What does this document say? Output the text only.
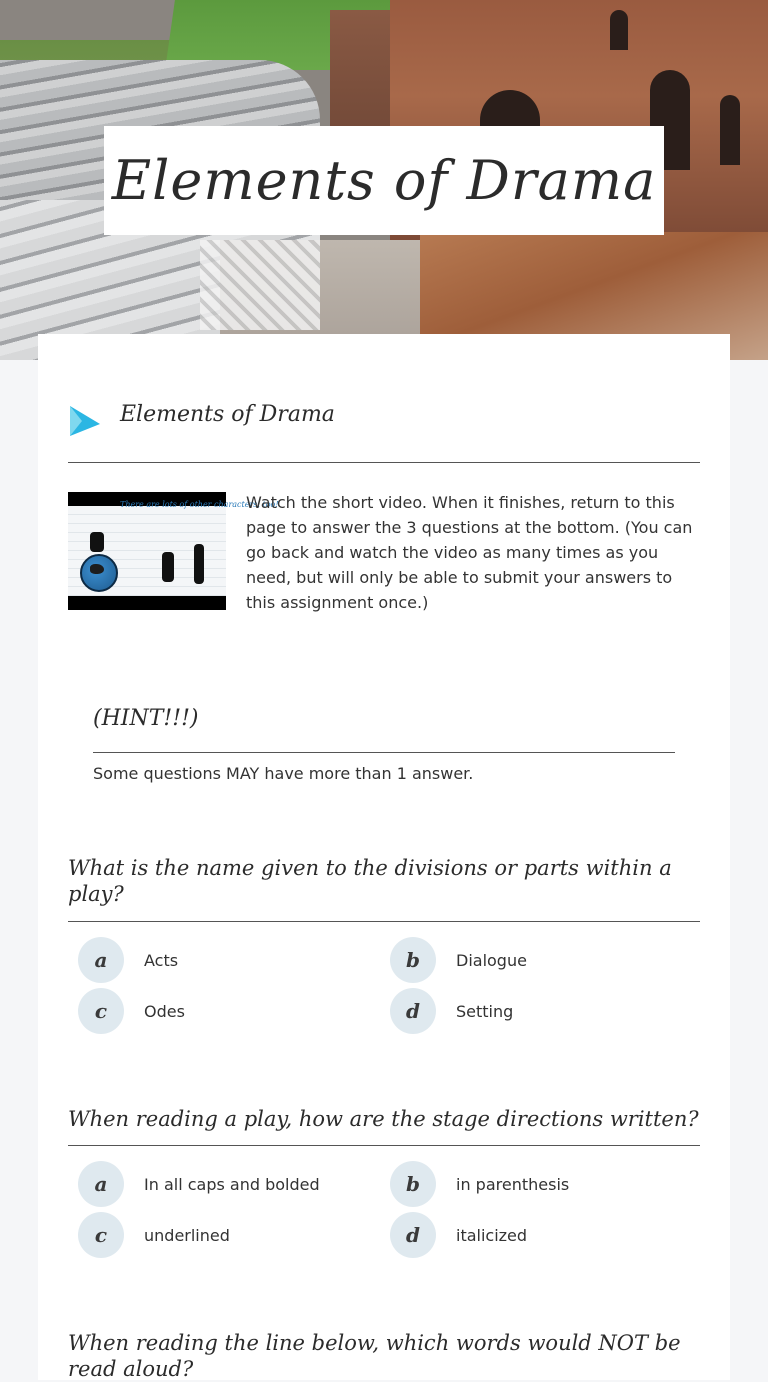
Elements of Drama
Elements of Drama
There are lots of other characters, too!
Watch the short video. When it finishes, return to this page to answer the 3 questions at the bottom. (You can go back and watch the video as many times as you need, but will only be able to submit your answers to this assignment once.)
(HINT!!!)
Some questions MAY have more than 1 answer.
What is the name given to the divisions or parts within a play?
a	Acts	b	Dialogue
c	Odes	d	Setting
When reading a play, how are the stage directions written?
a	In all caps and bolded	b	in parenthesis
c	underlined	d	italicized
When reading the line below, which words would NOT be read aloud?
